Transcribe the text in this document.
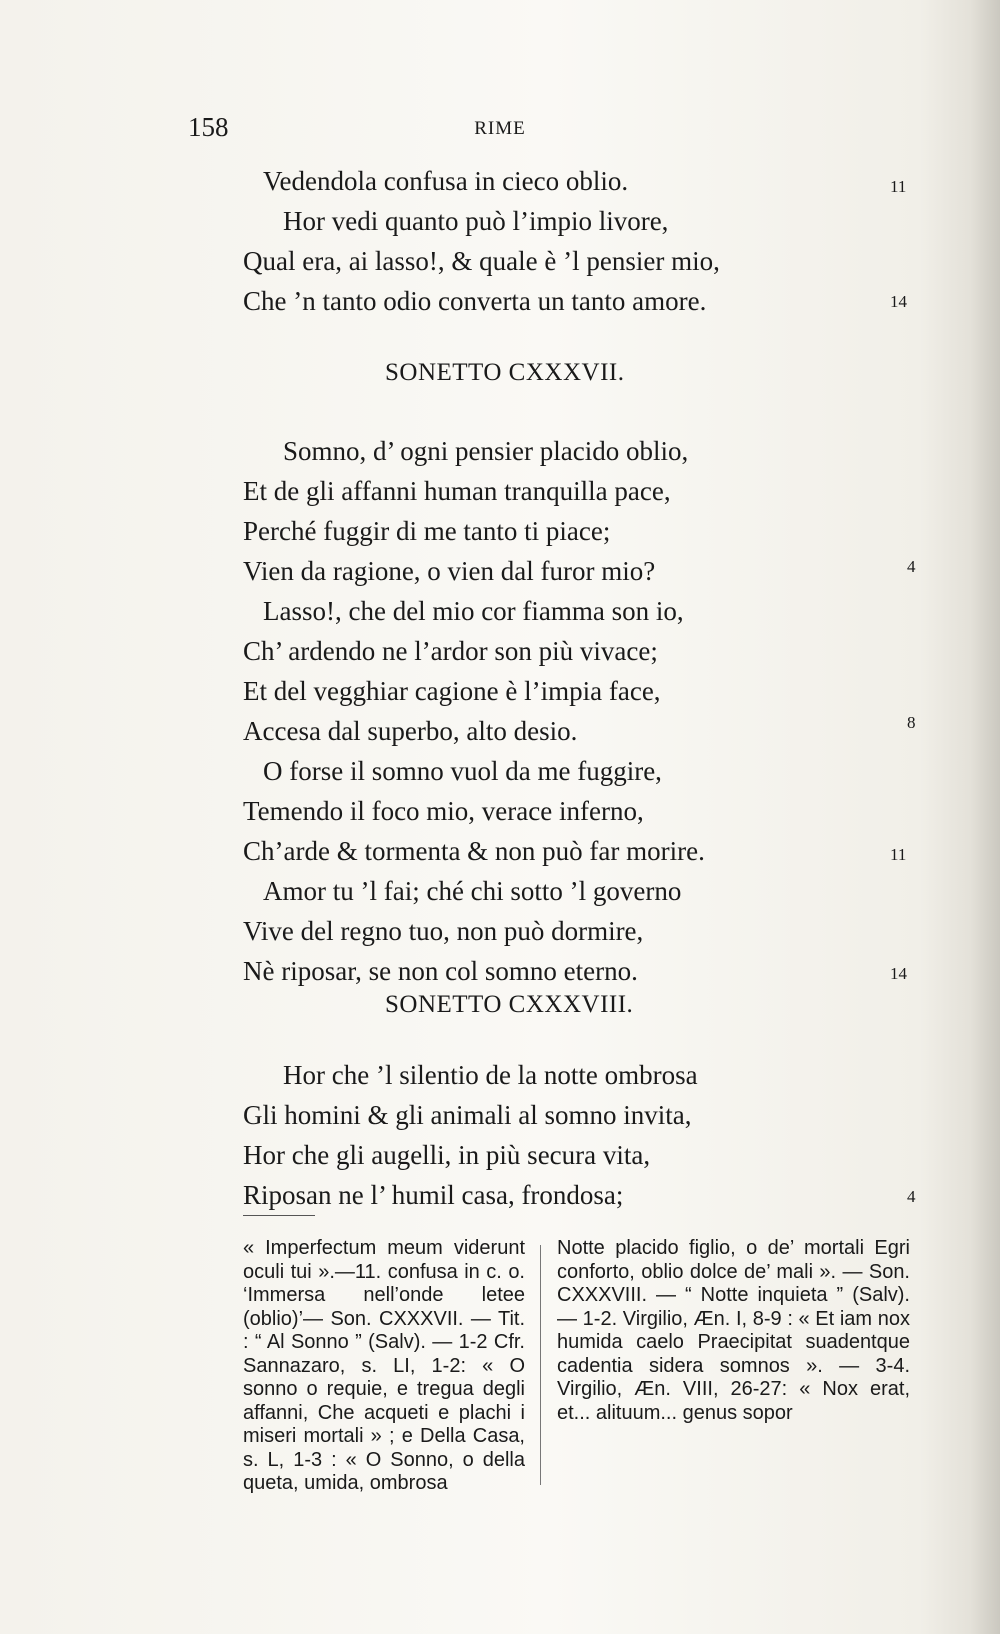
158	RIME
Vedendola confusa in cieco oblio.
Hor vedi quanto può l’impio livore,
Qual era, ai lasso!, & quale è ’l pensier mio,
Che ’n tanto odio converta un tanto amore.
11
14
SONETTO CXXXVII.
Somno, d’ ogni pensier placido oblio,
Et de gli affanni human tranquilla pace,
Perché fuggir di me tanto ti piace;
Vien da ragione, o vien dal furor mio?
Lasso!, che del mio cor fiamma son io,
Ch’ ardendo ne l’ardor son più vivace;
Et del vegghiar cagione è l’impia face,
Accesa dal superbo, alto desio.
O forse il somno vuol da me fuggire,
Temendo il foco mio, verace inferno,
Ch’arde & tormenta & non può far morire.
Amor tu ’l fai; ché chi sotto ’l governo
Vive del regno tuo, non può dormire,
Nè riposar, se non col somno eterno.
4
8
11
14
SONETTO CXXXVIII.
Hor che ’l silentio de la notte ombrosa
Gli homini & gli animali al somno invita,
Hor che gli augelli, in più secura vita,
Riposan ne l’ humil casa, frondosa;	4

« Imperfectum meum viderunt oculi tui ».—11. confusa in c. o. ‘Immersa nell’onde letee (oblio)’— Son. CXXXVII. — Tit. : “ Al Sonno ” (Salv). — 1-2 Cfr. Sannazaro, s. LI, 1-2: « O sonno o requie, e tregua degli affanni, Che acqueti e plachi i miseri mortali » ; e Della Casa, s. L, 1-3 : « O Sonno, o della queta, umida, ombrosa

Notte placido figlio, o de’ mortali Egri conforto, oblio dolce de’ mali ». — Son. CXXXVIII. — “ Notte inquieta ” (Salv). — 1-2. Virgilio, Æn. I, 8-9 : « Et iam nox humida caelo Praecipitat suadentque cadentia sidera somnos ». — 3-4. Virgilio, Æn. VIII, 26-27: « Nox erat, et... alituum... genus sopor
